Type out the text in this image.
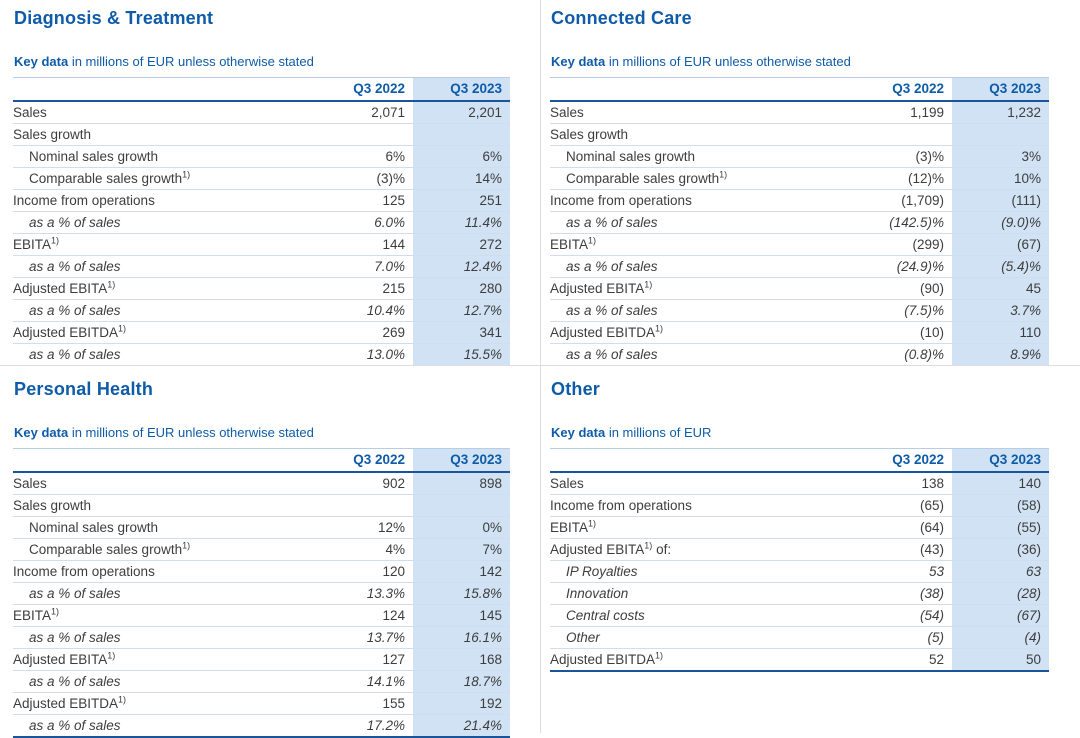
Diagnosis & Treatment

Key data in millions of EUR unless otherwise stated

	Q3 2022	Q3 2023
Sales	2,071	2,201
Sales growth		
Nominal sales growth	6%	6%
Comparable sales growth$^{1)}$	(3)%	14%
Income from operations	125	251
as a % of sales	6.0%	11.4%
EBITA$^{1)}$	144	272
as a % of sales	7.0%	12.4%
Adjusted EBITA$^{1)}$	215	280
as a % of sales	10.4%	12.7%
Adjusted EBITDA$^{1)}$	269	341
as a % of sales	13.0%	15.5%
Connected Care

Key data in millions of EUR unless otherwise stated

	Q3 2022	Q3 2023
Sales	1,199	1,232
Sales growth		
Nominal sales growth	(3)%	3%
Comparable sales growth$^{1)}$	(12)%	10%
Income from operations	(1,709)	(111)
as a % of sales	(142.5)%	(9.0)%
EBITA$^{1)}$	(299)	(67)
as a % of sales	(24.9)%	(5.4)%
Adjusted EBITA$^{1)}$	(90)	45
as a % of sales	(7.5)%	3.7%
Adjusted EBITDA$^{1)}$	(10)	110
as a % of sales	(0.8)%	8.9%
Personal Health

Key data in millions of EUR unless otherwise stated

	Q3 2022	Q3 2023
Sales	902	898
Sales growth		
Nominal sales growth	12%	0%
Comparable sales growth$^{1)}$	4%	7%
Income from operations	120	142
as a % of sales	13.3%	15.8%
EBITA$^{1)}$	124	145
as a % of sales	13.7%	16.1%
Adjusted EBITA$^{1)}$	127	168
as a % of sales	14.1%	18.7%
Adjusted EBITDA$^{1)}$	155	192
as a % of sales	17.2%	21.4%
Other

Key data in millions of EUR

	Q3 2022	Q3 2023
Sales	138	140
Income from operations	(65)	(58)
EBITA$^{1)}$	(64)	(55)
Adjusted EBITA$^{1)}$ of:	(43)	(36)
IP Royalties	53	63
Innovation	(38)	(28)
Central costs	(54)	(67)
Other	(5)	(4)
Adjusted EBITDA$^{1)}$	52	50
